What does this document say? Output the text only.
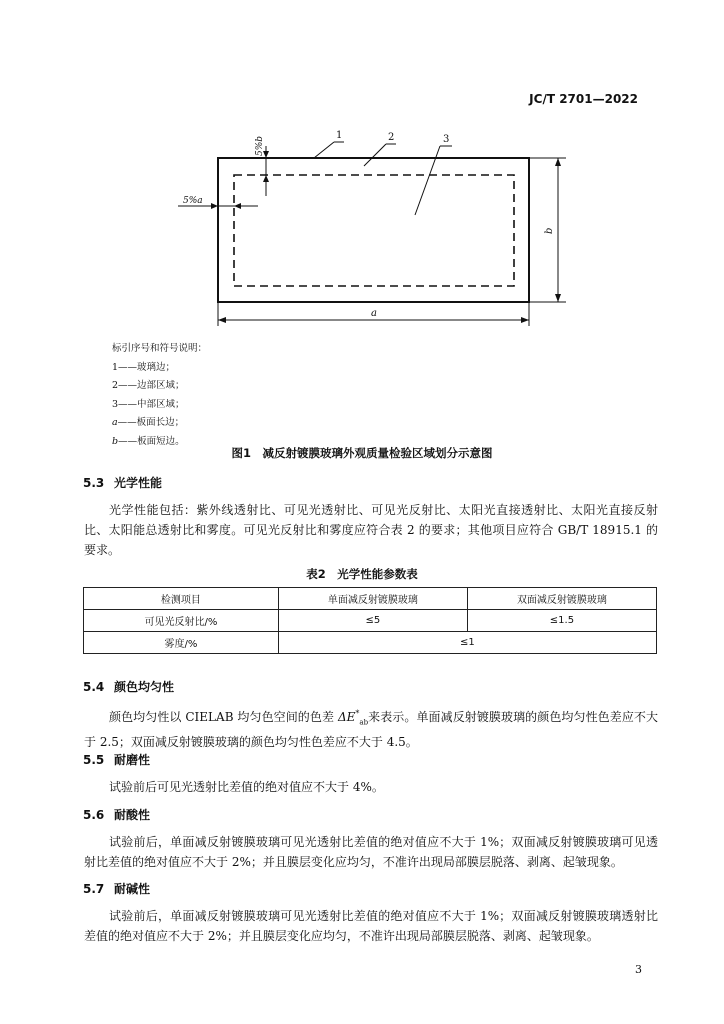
JC/T 2701—2022
1	2	3
5%b
5%a
a
b
标引序号和符号说明：
1——玻璃边；
2——边部区域；
3——中部区域；
a——板面长边；
b——板面短边。
图1　减反射镀膜玻璃外观质量检验区域划分示意图
5.3 光学性能
光学性能包括：紫外线透射比、可见光透射比、可见光反射比、太阳光直接透射比、太阳光直接反射比、太阳能总透射比和雾度。可见光反射比和雾度应符合表 2 的要求；其他项目应符合 GB/T 18915.1 的要求。
表2　光学性能参数表
检测项目	单面减反射镀膜玻璃	双面减反射镀膜玻璃
可见光反射比/%	≤5	≤1.5
雾度/%	≤1	
5.4 颜色均匀性
颜色均匀性以 CIELAB 均匀色空间的色差 $\Delta E^*_{ab}$来表示。单面减反射镀膜玻璃的颜色均匀性色差应不大于 2.5；双面减反射镀膜玻璃的颜色均匀性色差应不大于 4.5。
5.5 耐磨性
试验前后可见光透射比差值的绝对值应不大于 4%。
5.6 耐酸性
试验前后，单面减反射镀膜玻璃可见光透射比差值的绝对值应不大于 1%；双面减反射镀膜玻璃可见透射比差值的绝对值应不大于 2%；并且膜层变化应均匀，不准许出现局部膜层脱落、剥离、起皱现象。
5.7 耐碱性
试验前后，单面减反射镀膜玻璃可见光透射比差值的绝对值应不大于 1%；双面减反射镀膜玻璃透射比差值的绝对值应不大于 2%；并且膜层变化应均匀，不准许出现局部膜层脱落、剥离、起皱现象。
3
